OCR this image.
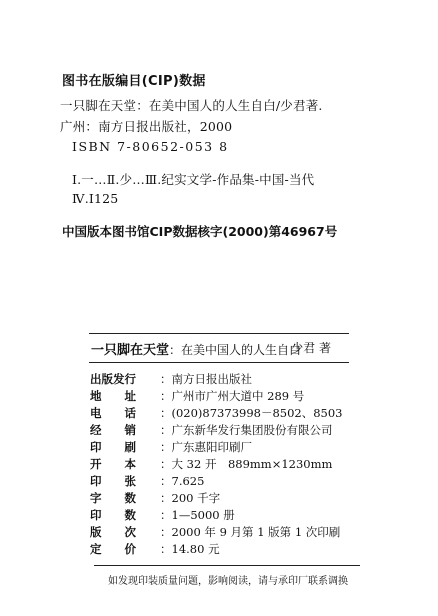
图书在版编目(CIP)数据
一只脚在天堂：在美中国人的人生自白/少君著.
广州：南方日报出版社，2000
ISBN 7-80652-053 8
Ⅰ.一…Ⅱ.少…Ⅲ.纪实文学-作品集-中国-当代
Ⅳ.I125
中国版本图书馆CIP数据核字(2000)第46967号
一只脚在天堂：在美中国人的人生自白
少君 著
出版发行 ：南方日报出版社
地　　址 ：广州市广州大道中 289 号
电　　话 ：(020)87373998－8502、8503
经　　销 ：广东新华发行集团股份有限公司
印　　刷 ：广东惠阳印刷厂
开　　本 ：大 32 开　889mm×1230mm
印　　张 ：7.625
字　　数 ：200 千字
印　　数 ：1—5000 册
版　　次 ：2000 年 9 月第 1 版第 1 次印刷
定　　价 ：14.80 元
如发现印装质量问题，影响阅读，请与承印厂联系调换
